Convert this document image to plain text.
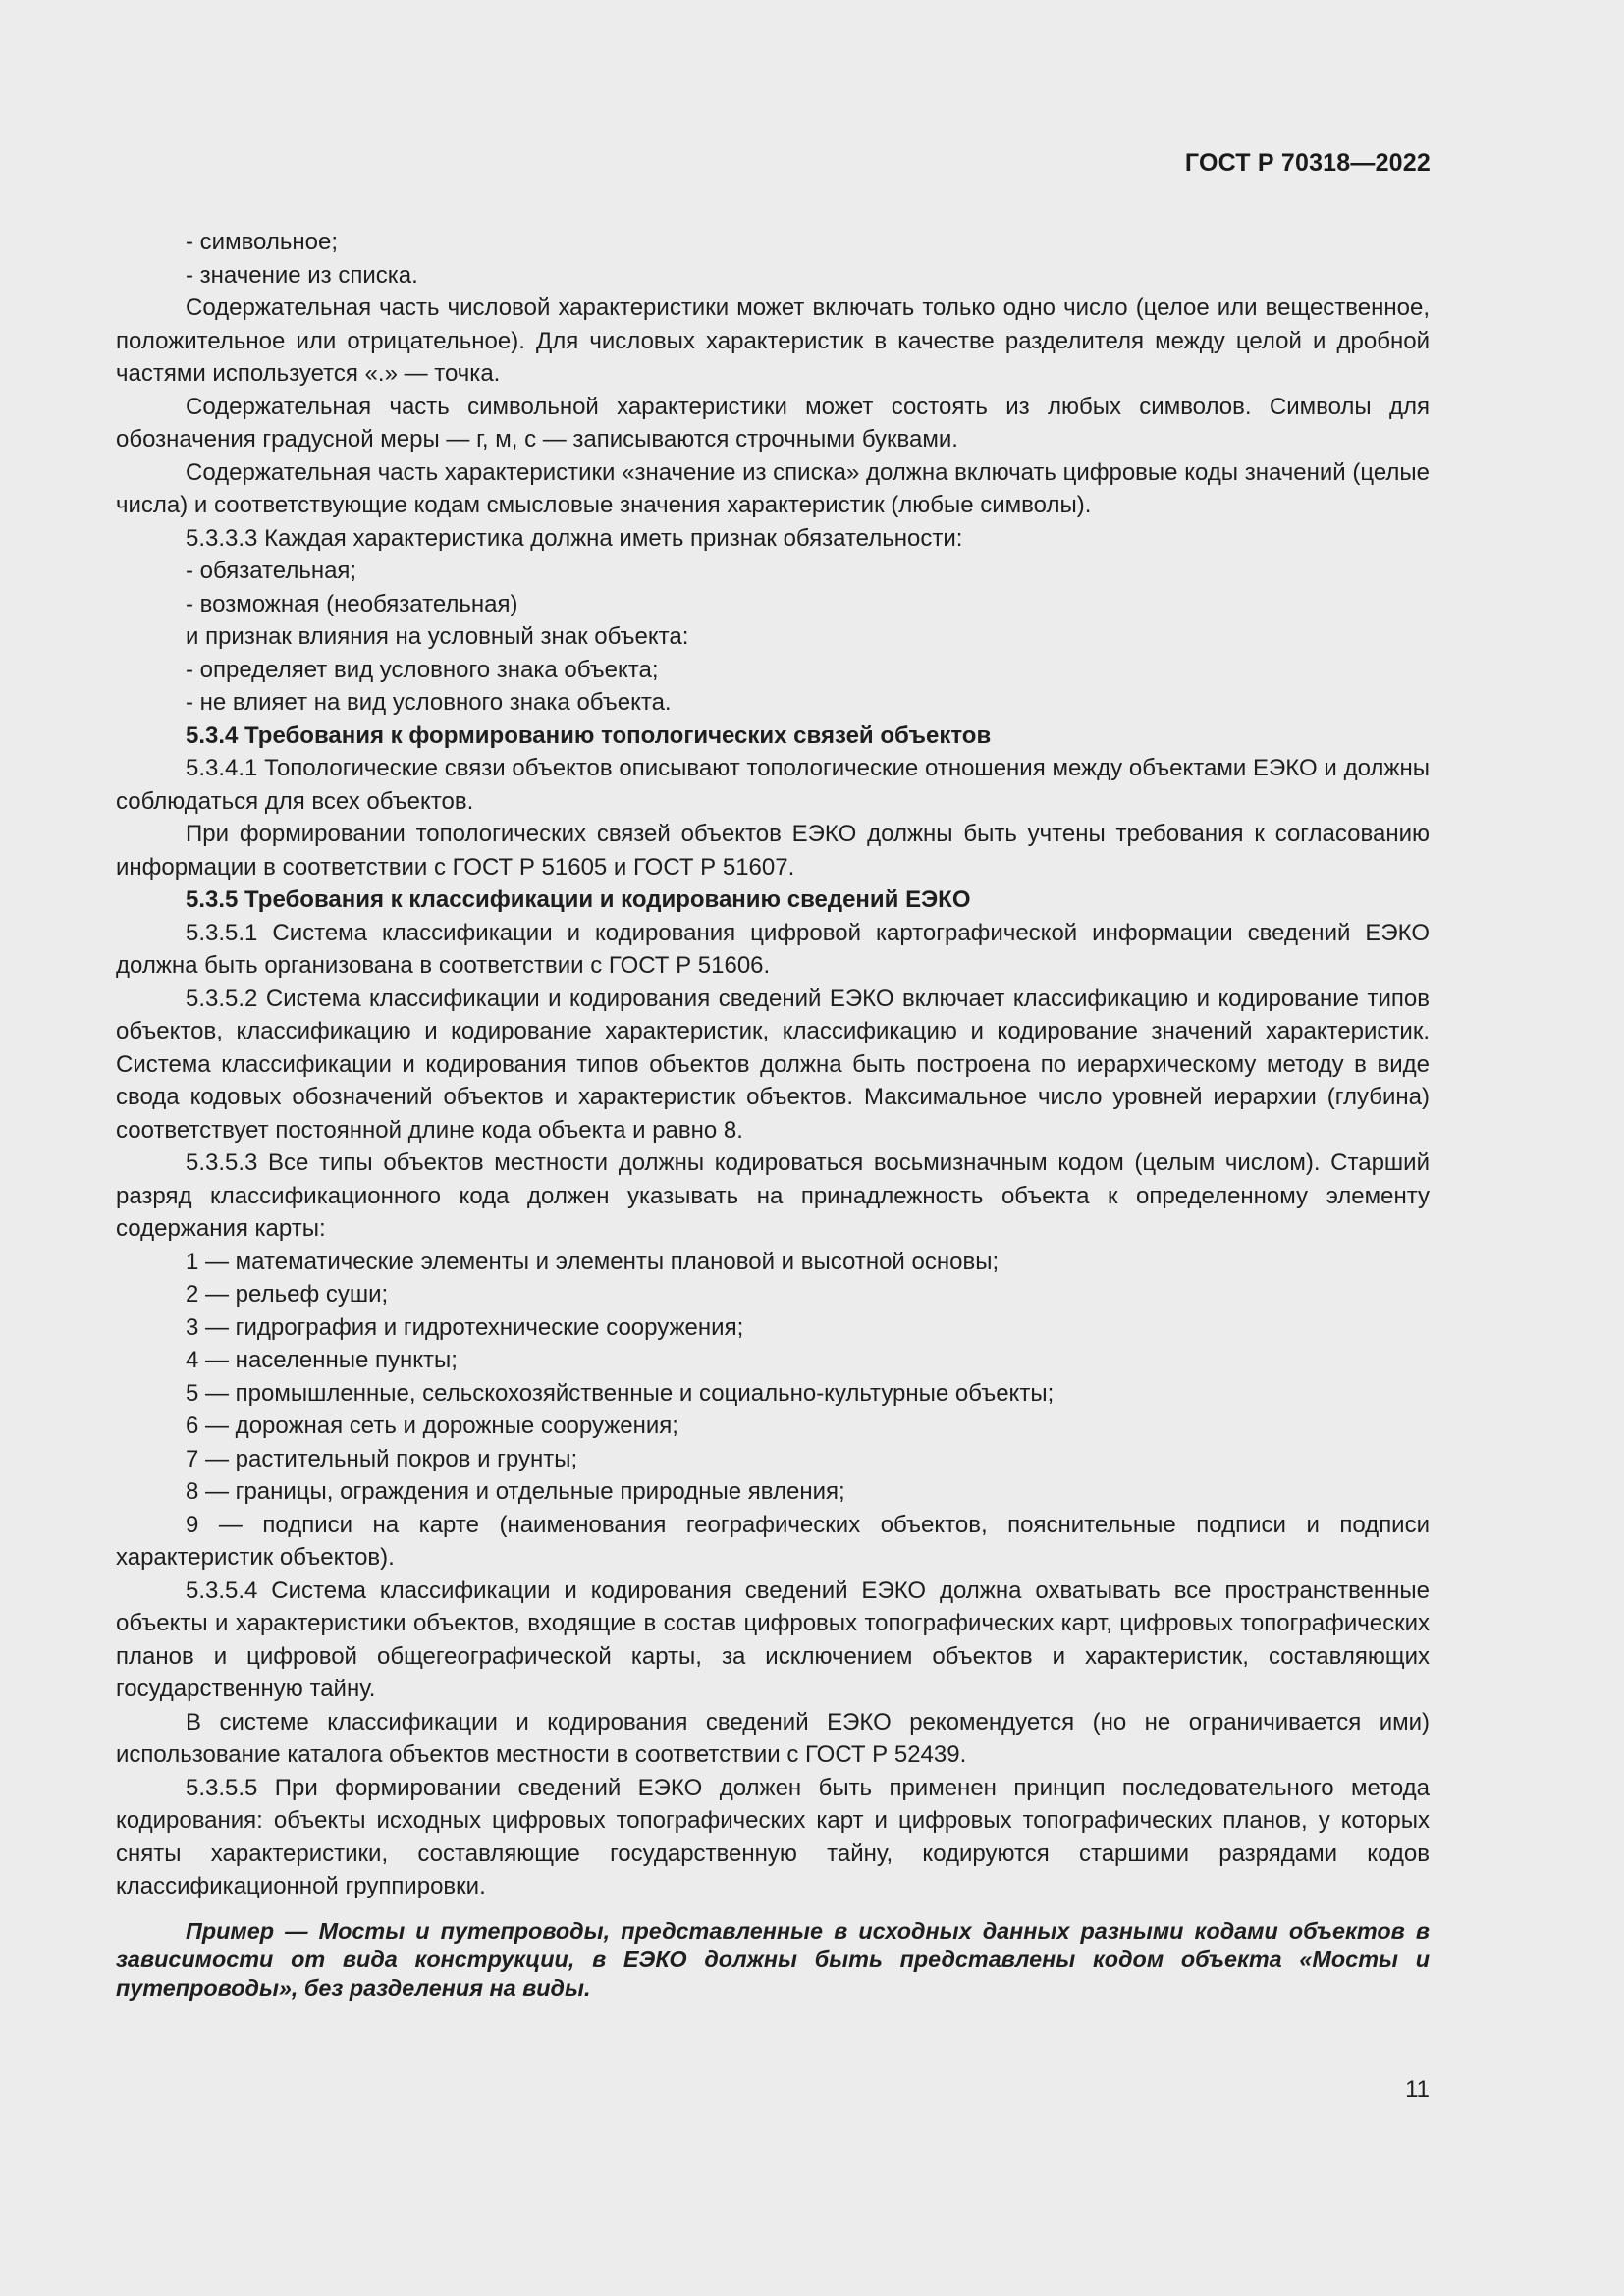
ГОСТ Р 70318—2022

- символьное;

- значение из списка.

Содержательная часть числовой характеристики может включать только одно число (целое или вещественное, положительное или отрицательное). Для числовых характеристик в качестве разделителя между целой и дробной частями используется «.» — точка.

Содержательная часть символьной характеристики может состоять из любых символов. Символы для обозначения градусной меры — г, м, с — записываются строчными буквами.

Содержательная часть характеристики «значение из списка» должна включать цифровые коды значений (целые числа) и соответствующие кодам смысловые значения характеристик (любые символы).

5.3.3.3 Каждая характеристика должна иметь признак обязательности:

- обязательная;

- возможная (необязательная)

и признак влияния на условный знак объекта:

- определяет вид условного знака объекта;

- не влияет на вид условного знака объекта.

5.3.4 Требования к формированию топологических связей объектов

5.3.4.1 Топологические связи объектов описывают топологические отношения между объектами ЕЭКО и должны соблюдаться для всех объектов.

При формировании топологических связей объектов ЕЭКО должны быть учтены требования к согласованию информации в соответствии с ГОСТ Р 51605 и ГОСТ Р 51607.

5.3.5 Требования к классификации и кодированию сведений ЕЭКО

5.3.5.1 Система классификации и кодирования цифровой картографической информации сведений ЕЭКО должна быть организована в соответствии с ГОСТ Р 51606.

5.3.5.2 Система классификации и кодирования сведений ЕЭКО включает классификацию и кодирование типов объектов, классификацию и кодирование характеристик, классификацию и кодирование значений характеристик. Система классификации и кодирования типов объектов должна быть построена по иерархическому методу в виде свода кодовых обозначений объектов и характеристик объектов. Максимальное число уровней иерархии (глубина) соответствует постоянной длине кода объекта и равно 8.

5.3.5.3 Все типы объектов местности должны кодироваться восьмизначным кодом (целым числом). Старший разряд классификационного кода должен указывать на принадлежность объекта к определенному элементу содержания карты:

1 — математические элементы и элементы плановой и высотной основы;

2 — рельеф суши;

3 — гидрография и гидротехнические сооружения;

4 — населенные пункты;

5 — промышленные, сельскохозяйственные и социально-культурные объекты;

6 — дорожная сеть и дорожные сооружения;

7 — растительный покров и грунты;

8 — границы, ограждения и отдельные природные явления;

9 — подписи на карте (наименования географических объектов, пояснительные подписи и подписи характеристик объектов).

5.3.5.4 Система классификации и кодирования сведений ЕЭКО должна охватывать все пространственные объекты и характеристики объектов, входящие в состав цифровых топографических карт, цифровых топографических планов и цифровой общегеографической карты, за исключением объектов и характеристик, составляющих государственную тайну.

В системе классификации и кодирования сведений ЕЭКО рекомендуется (но не ограничивается ими) использование каталога объектов местности в соответствии с ГОСТ Р 52439.

5.3.5.5 При формировании сведений ЕЭКО должен быть применен принцип последовательного метода кодирования: объекты исходных цифровых топографических карт и цифровых топографических планов, у которых сняты характеристики, составляющие государственную тайну, кодируются старшими разрядами кодов классификационной группировки.

Пример — Мосты и путепроводы, представленные в исходных данных разными кодами объектов в зависимости от вида конструкции, в ЕЭКО должны быть представлены кодом объекта «Мосты и путепроводы», без разделения на виды.

11
